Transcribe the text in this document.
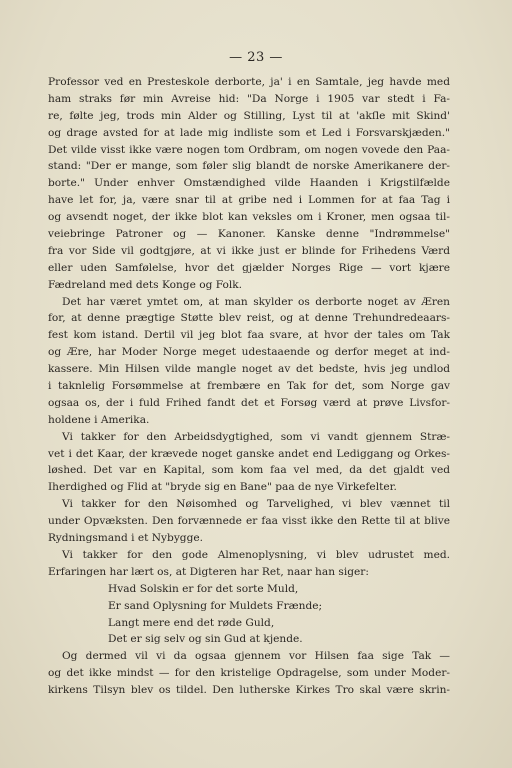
— 23 —
Professor ved en Presteskole derborte, ja' i en Samtale, jeg havde med
ham straks før min Avreise hid: "Da Norge i 1905 var stedt i Fa-
re, følte jeg, trods min Alder og Stilling, Lyst til at 'akſle mit Skind'
og drage avsted for at lade mig indliste som et Led i Forsvarskjæden."
Det vilde visst ikke være nogen tom Ordbram, om nogen vovede den Paa-
stand: "Der er mange, som føler slig blandt de norske Amerikanere der-
borte." Under enhver Omstændighed vilde Haanden i Krigstilfælde
have let for, ja, være snar til at gribe ned i Lommen for at faa Tag i
og avsendt noget, der ikke blot kan veksles om i Kroner, men ogsaa til-
veiebringe Patroner og — Kanoner. Kanske denne "Indrømmelse"
fra vor Side vil godtgjøre, at vi ikke just er blinde for Frihedens Værd
eller uden Samfølelse, hvor det gjælder Norges Rige — vort kjære
Fædreland med dets Konge og Folk.
Det har været ymtet om, at man skylder os derborte noget av Æren
for, at denne prægtige Støtte blev reist, og at denne Trehundredeaars-
fest kom istand. Dertil vil jeg blot faa svare, at hvor der tales om Tak
og Ære, har Moder Norge meget udestaaende og derfor meget at ind-
kassere. Min Hilsen vilde mangle noget av det bedste, hvis jeg undlod
i taknlelig Forsømmelse at frembære en Tak for det, som Norge gav
ogsaa os, der i fuld Frihed fandt det et Forsøg værd at prøve Livsfor-
holdene i Amerika.
Vi takker for den Arbeidsdygtighed, som vi vandt gjennem Stræ-
vet i det Kaar, der krævede noget ganske andet end Lediggang og Orkes-
løshed. Det var en Kapital, som kom faa vel med, da det gjaldt ved
Iherdighed og Flid at "bryde sig en Bane" paa de nye Virkefelter.
Vi takker for den Nøisomhed og Tarvelighed, vi blev vænnet til
under Opvæksten. Den forvænnede er faa visst ikke den Rette til at blive
Rydningsmand i et Nybygge.
Vi takker for den gode Almenoplysning, vi blev udrustet med.
Erfaringen har lært os, at Digteren har Ret, naar han siger:
Hvad Solskin er for det sorte Muld,
Er sand Oplysning for Muldets Frænde;
Langt mere end det røde Guld,
Det er sig selv og sin Gud at kjende.
Og dermed vil vi da ogsaa gjennem vor Hilsen faa sige Tak —
og det ikke mindst — for den kristelige Opdragelse, som under Moder-
kirkens Tilsyn blev os tildel. Den lutherske Kirkes Tro skal være skrin-
